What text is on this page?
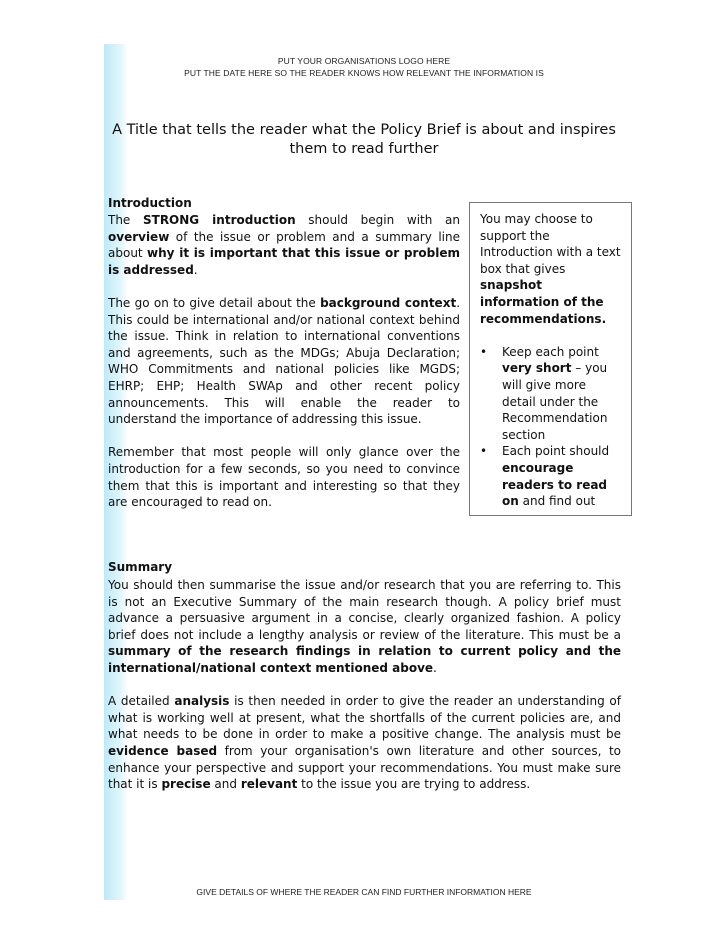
PUT YOUR ORGANISATIONS LOGO HERE
PUT THE DATE HERE SO THE READER KNOWS HOW RELEVANT THE INFORMATION IS
A Title that tells the reader what the Policy Brief is about and inspires them to read further
Introduction

The STRONG introduction should begin with an overview of the issue or problem and a summary line about why it is important that this issue or problem is addressed.

The go on to give detail about the background context. This could be international and/or national context behind the issue. Think in relation to international conventions and agreements, such as the MDGs; Abuja Declaration; WHO Commitments and national policies like MGDS; EHRP; EHP; Health SWAp and other recent policy announcements. This will enable the reader to understand the importance of addressing this issue.

Remember that most people will only glance over the introduction for a few seconds, so you need to convince them that this is important and interesting so that they are encouraged to read on.

You may choose to support the Introduction with a text box that gives snapshot information of the recommendations.

• Keep each point very short – you will give more detail under the Recommendation section
• Each point should encourage readers to read on and find out
Summary

You should then summarise the issue and/or research that you are referring to. This is not an Executive Summary of the main research though. A policy brief must advance a persuasive argument in a concise, clearly organized fashion. A policy brief does not include a lengthy analysis or review of the literature. This must be a summary of the research findings in relation to current policy and the international/national context mentioned above.

A detailed analysis is then needed in order to give the reader an understanding of what is working well at present, what the shortfalls of the current policies are, and what needs to be done in order to make a positive change. The analysis must be evidence based from your organisation's own literature and other sources, to enhance your perspective and support your recommendations. You must make sure that it is precise and relevant to the issue you are trying to address.

GIVE DETAILS OF WHERE THE READER CAN FIND FURTHER INFORMATION HERE
